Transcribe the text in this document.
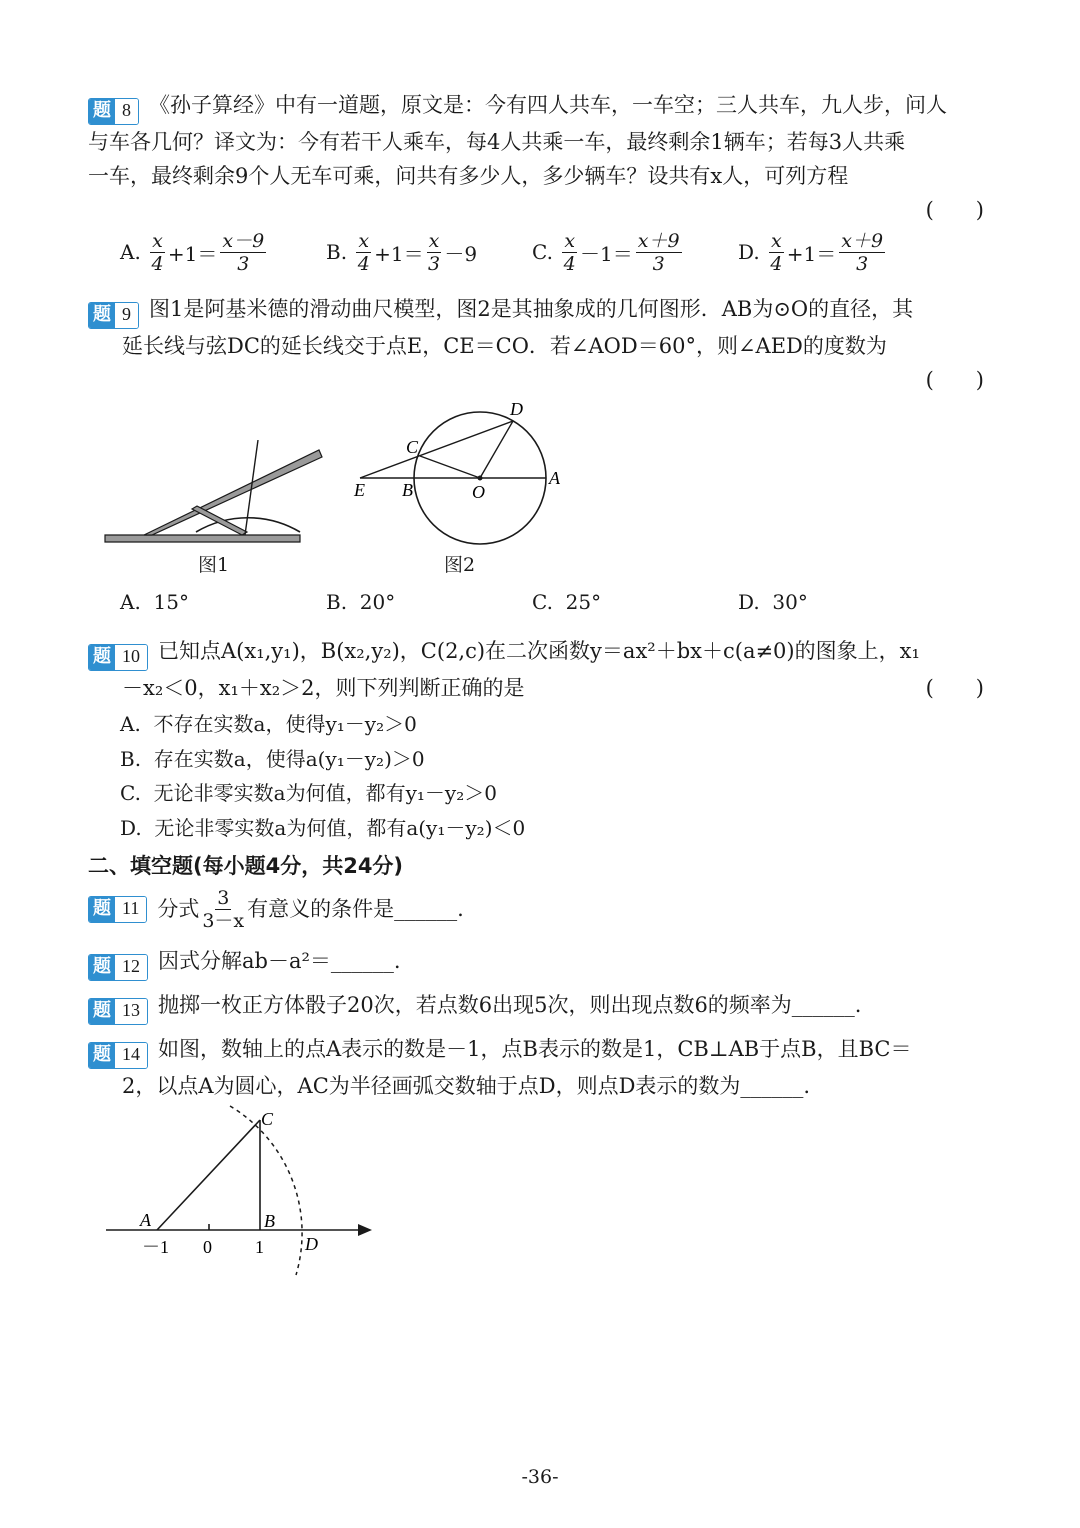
题 8 《孙子算经》中有一道题，原文是：今有四人共车，一车空；三人共车，九人步，问人
与车各几何？译文为：今有若干人乘车，每4人共乘一车，最终剩余1辆车；若每3人共乘
一车，最终剩余9个人无车可乘，问共有多少人，多少辆车？设共有x人，可列方程
(　　)
A.
$\frac{x}{4} +1= \frac{x-9}{3}$	B.
$\frac{x}{4} +1= \frac{x}{3} -9$	C.
$\frac{x}{4} -1= \frac{x+9}{3}$	D.
$\frac{x}{4} +1= \frac{x+9}{3}$
题 9 图1是阿基米德的滑动曲尺模型，图2是其抽象成的几何图形．AB为⊙O的直径，其
延长线与弦DC的延长线交于点E，CE＝CO．若∠AOD＝60°，则∠AED的度数为
(　　)
图1
D
C
E B	O
A
图2
A.
15°	B.
20°	C.
25°	D.
30°
题 10 已知点A(x₁,y₁)，B(x₂,y₂)，C(2,c)在二次函数y＝ax²＋bx＋c(a≠0)的图象上，x₁
－x₂＜0，x₁＋x₂＞2，则下列判断正确的是	(　　)
A. 不存在实数a，使得y₁－y₂＞0
B. 存在实数a，使得a(y₁－y₂)＞0
C. 无论非零实数a为何值，都有y₁－y₂＞0
D. 无论非零实数a为何值，都有a(y₁－y₂)＜0
二、填空题(每小题4分，共24分)
题 11 分式 $\frac{3}{3-x}$ 有意义的条件是______.
题 12 因式分解ab－a²＝______.
题 13 抛掷一枚正方体骰子20次，若点数6出现5次，则出现点数6的频率为______.
题 14 如图，数轴上的点A表示的数是－1，点B表示的数是1，CB⊥AB于点B，且BC＝
2，以点A为圆心，AC为半径画弧交数轴于点D，则点D表示的数为______.
C
A	B
D
－1 0 1
-36-
